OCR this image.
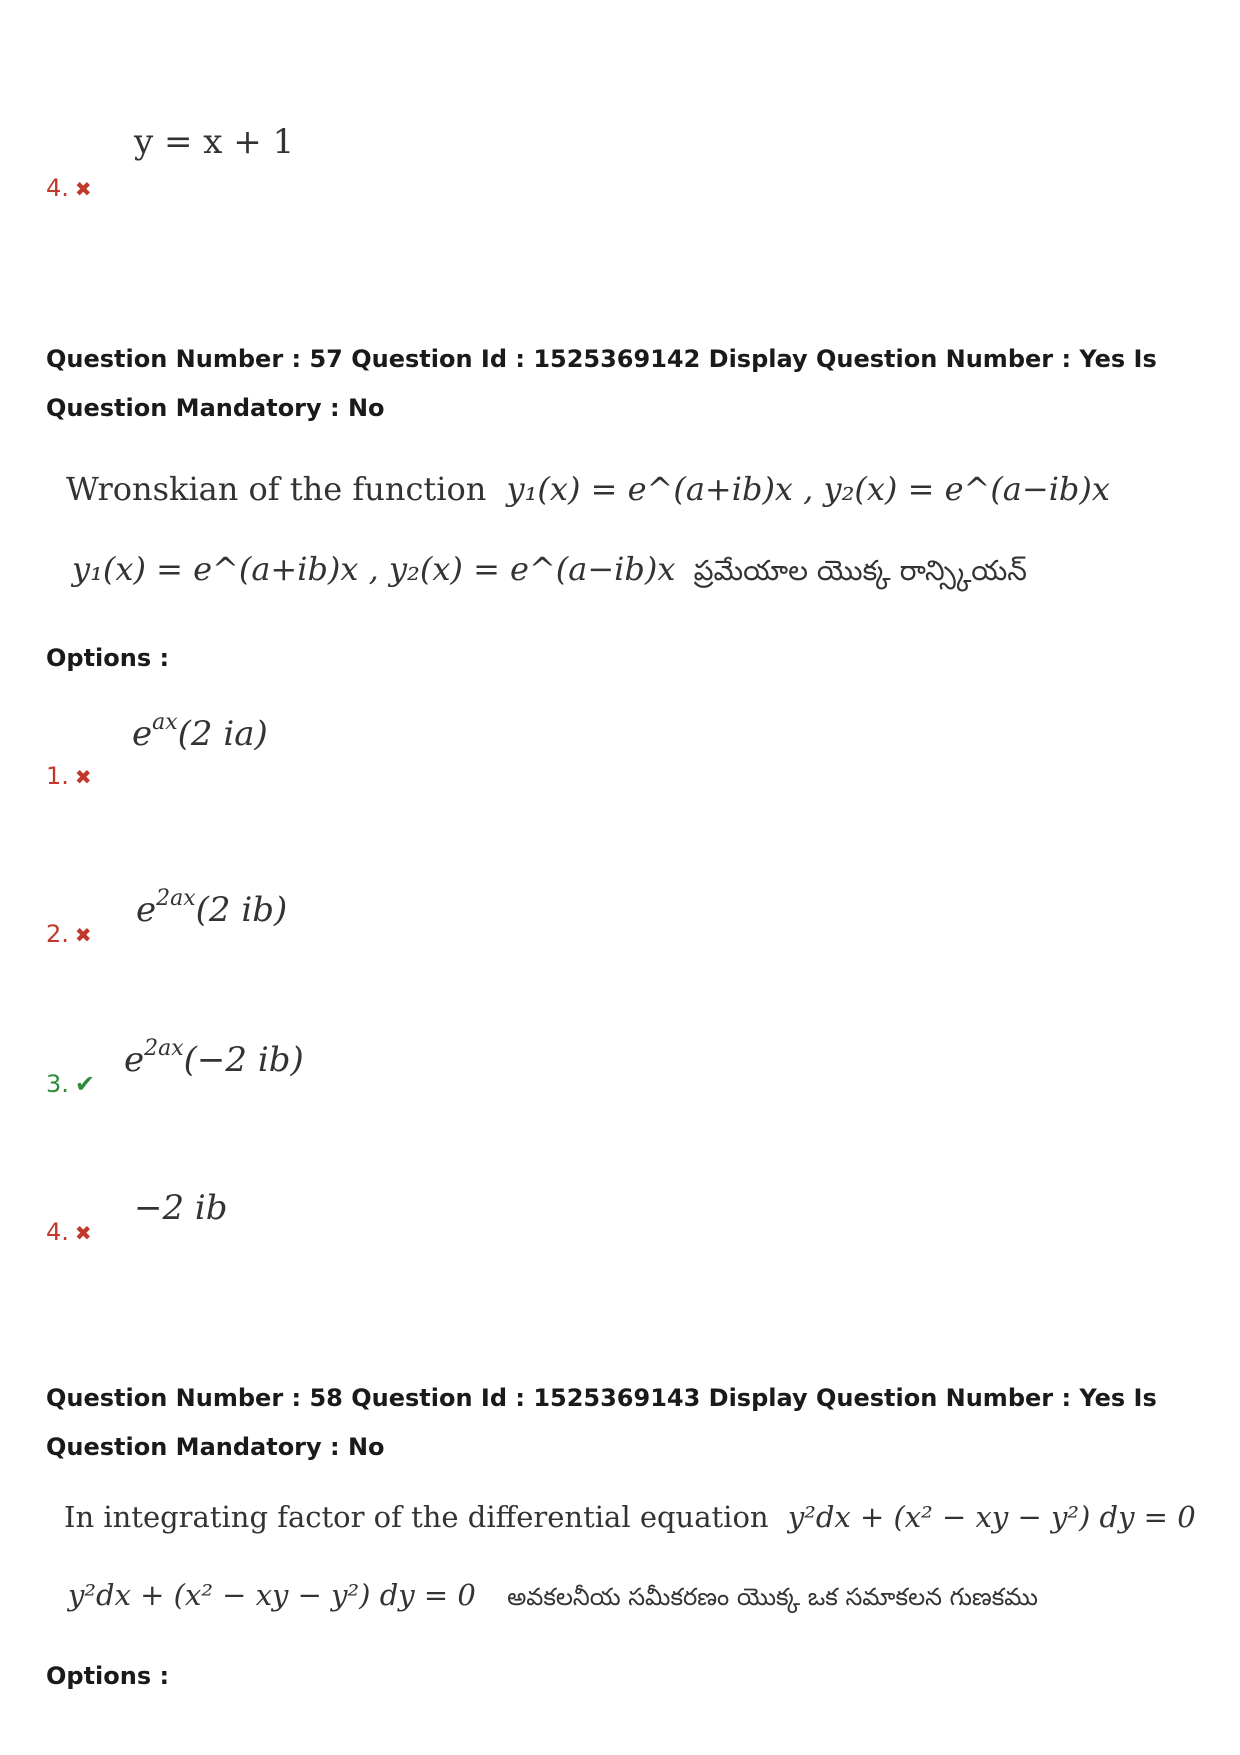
y = x + 1
4. ✖
Question Number : 57 Question Id : 1525369142 Display Question Number : Yes Is Question Mandatory : No
Wronskian of the function y₁(x) = e^(a+ib)x , y₂(x) = e^(a−ib)x
y₁(x) = e^(a+ib)x , y₂(x) = e^(a−ib)x ప్రమేయాల యొక్క రాన్స్కియన్
Options :
$e^{ax}(2$ ia)
1. ✖
$e^{2ax}(2$ ib)
2. ✖
$e^{2ax}(-2$ ib)
3. ✔
−2 ib
4. ✖
Question Number : 58 Question Id : 1525369143 Display Question Number : Yes Is Question Mandatory : No
In integrating factor of the differential equation y²dx + (x² − xy − y²) dy = 0
y²dx + (x² − xy − y²) dy = 0 అవకలనీయ సమీకరణం యొక్క ఒక సమాకలన గుణకము
Options :
